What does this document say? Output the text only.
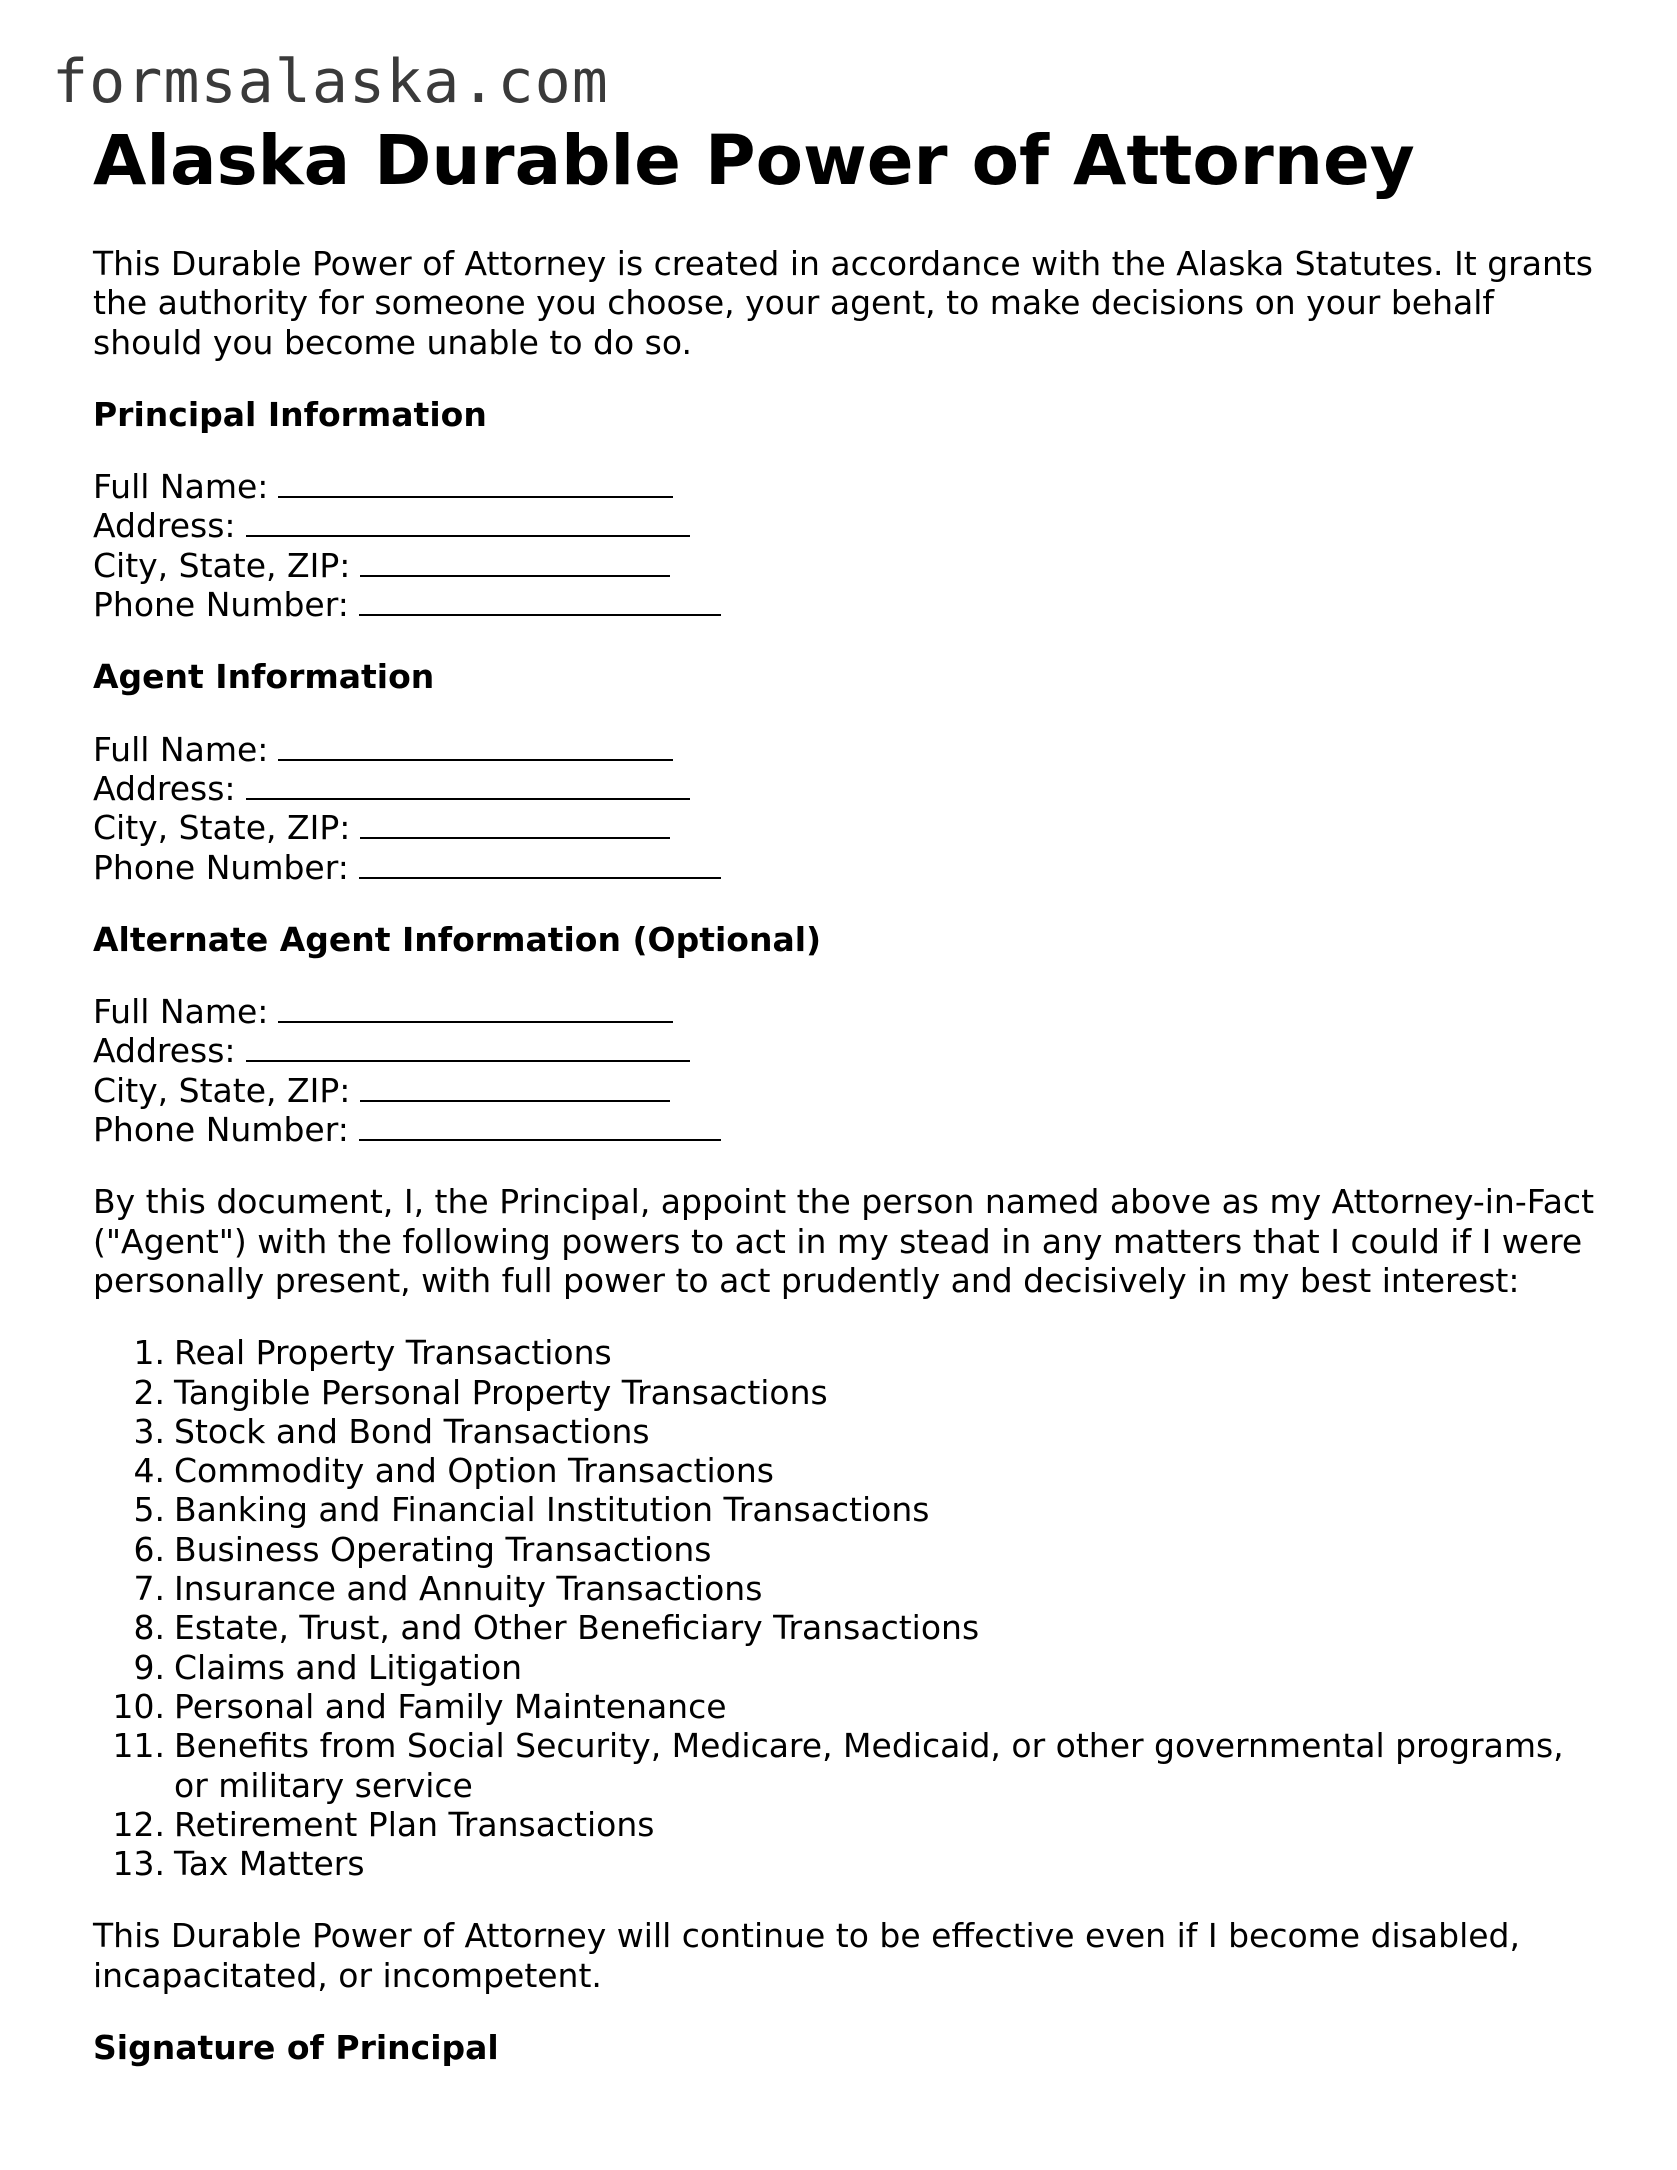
formsalaska.com
Alaska Durable Power of Attorney

This Durable Power of Attorney is created in accordance with the Alaska Statutes. It grants the authority for someone you choose, your agent, to make decisions on your behalf should you become unable to do so.

Principal Information
Full Name:
Address:
City, State, ZIP:
Phone Number:
Agent Information
Full Name:
Address:
City, State, ZIP:
Phone Number:
Alternate Agent Information (Optional)
Full Name:
Address:
City, State, ZIP:
Phone Number:

By this document, I, the Principal, appoint the person named above as my Attorney-in-Fact ("Agent") with the following powers to act in my stead in any matters that I could if I were personally present, with full power to act prudently and decisively in my best interest:

1. Real Property Transactions
2. Tangible Personal Property Transactions
3. Stock and Bond Transactions
4. Commodity and Option Transactions
5. Banking and Financial Institution Transactions
6. Business Operating Transactions
7. Insurance and Annuity Transactions
8. Estate, Trust, and Other Beneficiary Transactions
9. Claims and Litigation
10. Personal and Family Maintenance
11. Benefits from Social Security, Medicare, Medicaid, or other governmental programs, or military service
12. Retirement Plan Transactions
13. Tax Matters

This Durable Power of Attorney will continue to be effective even if I become disabled, incapacitated, or incompetent.

Signature of Principal
